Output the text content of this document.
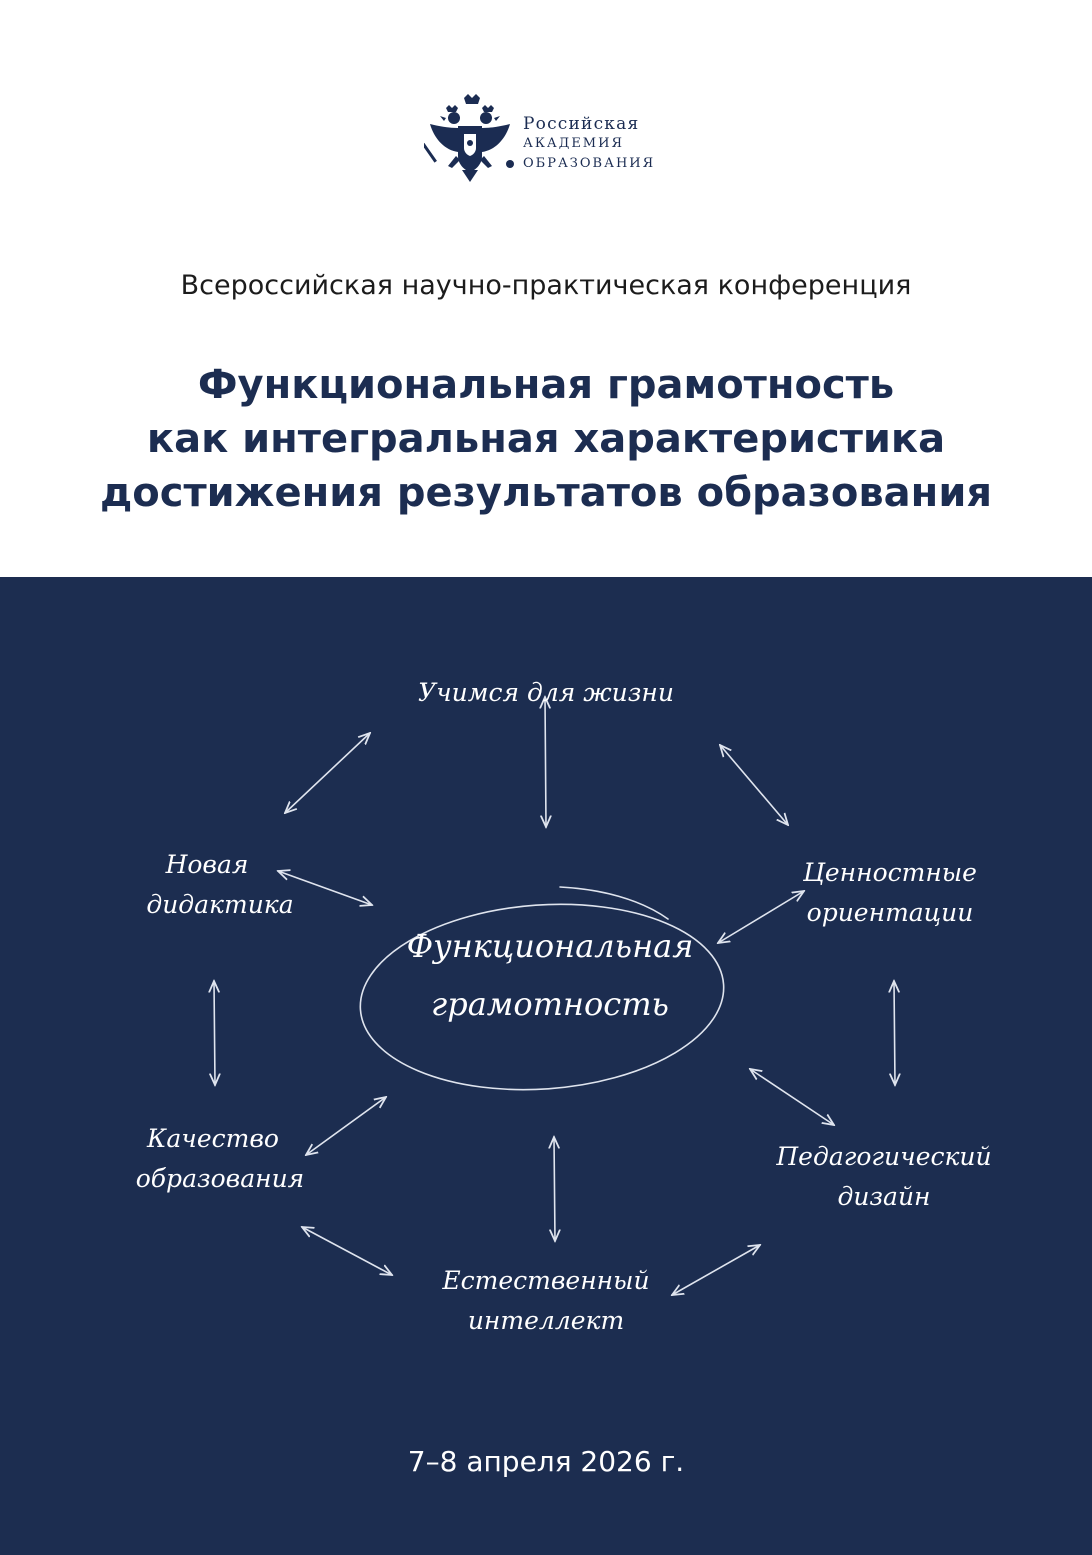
Российская
АКАДЕМИЯ
ОБРАЗОВАНИЯ
Всероссийская научно-практическая конференция
Функциональная грамотность
как интегральная характеристика
достижения результатов образования
Учимся для жизни
Новая
дидактика
Ценностные
ориентации
Функциональная
грамотность
Качество
образования
Педагогический
дизайн
Естественный
интеллект
7–8 апреля 2026 г.
